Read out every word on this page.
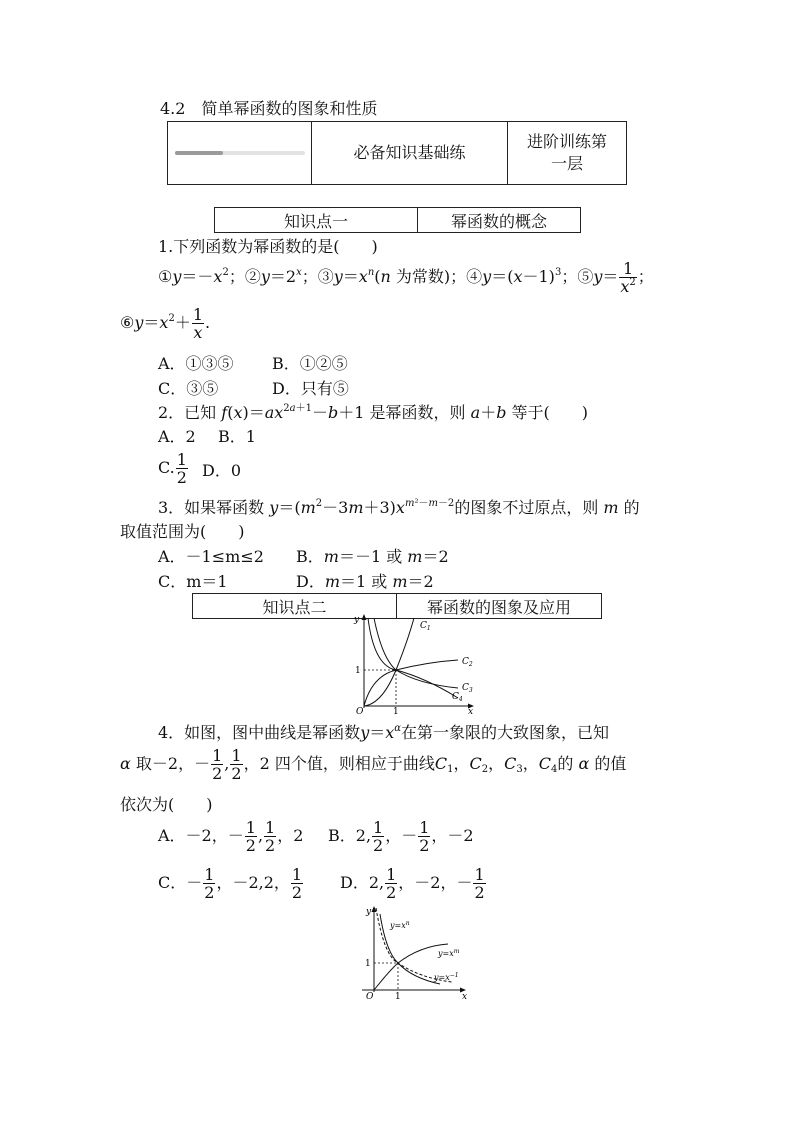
4.2　简单幂函数的图象和性质
	必备知识基础练	进阶训练第
一层
知识点一	幂函数的概念
1.下列函数为幂函数的是(　　)
$①y=-x^2$；$②y=2^x$；$③y=x^n(n$ 为常数)；$④y=(x-1)^3$；⑤y＝ $\frac{1}{x^2}$ ；
$⑥y=x^2+ \frac{1}{x}$ .
A．①③⑤ B．①②⑤
C．③⑤	D．只有⑤
2．已知 $f(x)=ax^{2a+1}-b+1$ 是幂函数，则 a＋b 等于(　　)
A．2 B．1
C. $\frac{1}{2}$ D．0
3．如果幂函数 $y=(m^2-3m+3)x^{m^2-m-2}$的图象不过原点，则 m 的
取值范围为(　　)
A．－1≤m≤2 B．m＝－1 或 m＝2
C．m＝1	D．m＝1 或 m＝2
知识点二	幂函数的图象及应用
y
x
O	1
1
$C_1$
$C_2$
$C_3$
$C_4$
4．如图，图中曲线是幂函数$y=x^\alpha$在第一象限的大致图象，已知
α 取－2，－ $\frac{1}{2}$ , $\frac{1}{2}$ ，2 四个值，则相应于曲线$C_1$，$C_2$，$C_3$，$C_4$的 α 的值
依次为(　　)
A．－2，－ $\frac{1}{2}$ , $\frac{1}{2}$ ，2 B．2, $\frac{1}{2}$ ，－ $\frac{1}{2}$ ，－2
C．－ $\frac{1}{2}$ ，－2,2， $\frac{1}{2}$ D．2, $\frac{1}{2}$ ，－2，－ $\frac{1}{2}$
y
x
O 1
1
$y=x^n$
$y=x^m$
$y=x^{-1}$
